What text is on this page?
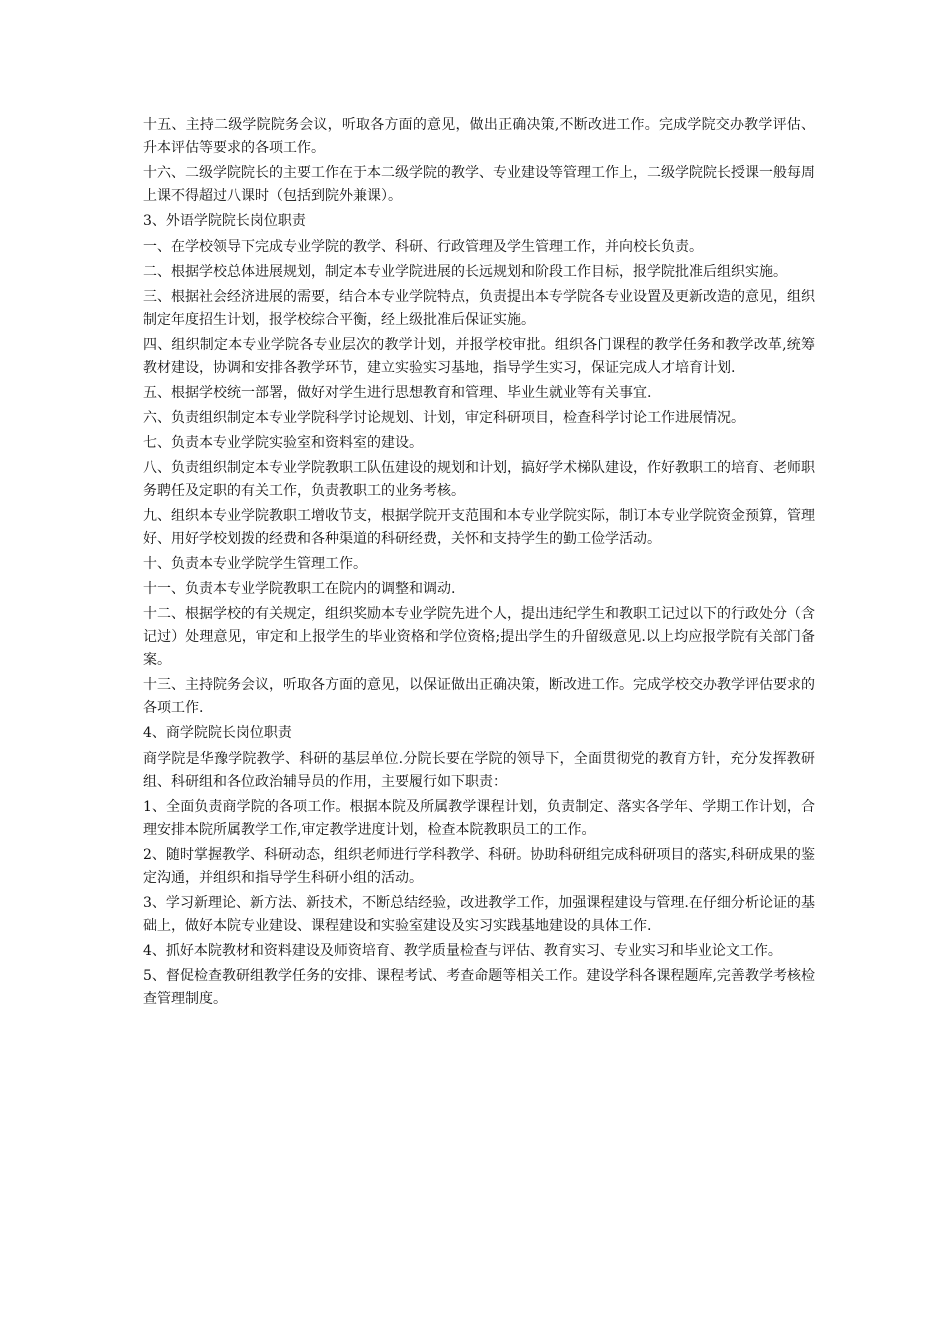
十五、主持二级学院院务会议，听取各方面的意见，做出正确决策,不断改进工作。完成学院交办教学评估、升本评估等要求的各项工作。

十六、二级学院院长的主要工作在于本二级学院的教学、专业建设等管理工作上，二级学院院长授课一般每周上课不得超过八课时（包括到院外兼课）。

3、外语学院院长岗位职责

一、在学校领导下完成专业学院的教学、科研、行政管理及学生管理工作，并向校长负责。

二、根据学校总体进展规划，制定本专业学院进展的长远规划和阶段工作目标，报学院批准后组织实施。

三、根据社会经济进展的需要，结合本专业学院特点，负责提出本专学院各专业设置及更新改造的意见，组织制定年度招生计划，报学校综合平衡，经上级批准后保证实施。

四、组织制定本专业学院各专业层次的教学计划，并报学校审批。组织各门课程的教学任务和教学改革,统筹教材建设，协调和安排各教学环节，建立实验实习基地，指导学生实习，保证完成人才培育计划.

五、根据学校统一部署，做好对学生进行思想教育和管理、毕业生就业等有关事宜.

六、负责组织制定本专业学院科学讨论规划、计划，审定科研项目，检查科学讨论工作进展情况。

七、负责本专业学院实验室和资料室的建设。

八、负责组织制定本专业学院教职工队伍建设的规划和计划，搞好学术梯队建设，作好教职工的培育、老师职务聘任及定职的有关工作，负责教职工的业务考核。

九、组织本专业学院教职工增收节支，根据学院开支范围和本专业学院实际，制订本专业学院资金预算，管理好、用好学校划拨的经费和各种渠道的科研经费，关怀和支持学生的勤工俭学活动。

十、负责本专业学院学生管理工作。

十一、负责本专业学院教职工在院内的调整和调动.

十二、根据学校的有关规定，组织奖励本专业学院先进个人，提出违纪学生和教职工记过以下的行政处分（含记过）处理意见，审定和上报学生的毕业资格和学位资格;提出学生的升留级意见.以上均应报学院有关部门备案。

十三、主持院务会议，听取各方面的意见，以保证做出正确决策，断改进工作。完成学校交办教学评估要求的各项工作.

4、商学院院长岗位职责

商学院是华豫学院教学、科研的基层单位.分院长要在学院的领导下，全面贯彻党的教育方针，充分发挥教研组、科研组和各位政治辅导员的作用，主要履行如下职责：

1、全面负责商学院的各项工作。根据本院及所属教学课程计划，负责制定、落实各学年、学期工作计划，合理安排本院所属教学工作,审定教学进度计划，检查本院教职员工的工作。

2、随时掌握教学、科研动态，组织老师进行学科教学、科研。协助科研组完成科研项目的落实,科研成果的鉴定沟通，并组织和指导学生科研小组的活动。

3、学习新理论、新方法、新技术，不断总结经验，改进教学工作，加强课程建设与管理.在仔细分析论证的基础上，做好本院专业建设、课程建设和实验室建设及实习实践基地建设的具体工作.

4、抓好本院教材和资料建设及师资培育、教学质量检查与评估、教育实习、专业实习和毕业论文工作。

5、督促检查教研组教学任务的安排、课程考试、考查命题等相关工作。建设学科各课程题库,完善教学考核检查管理制度。
